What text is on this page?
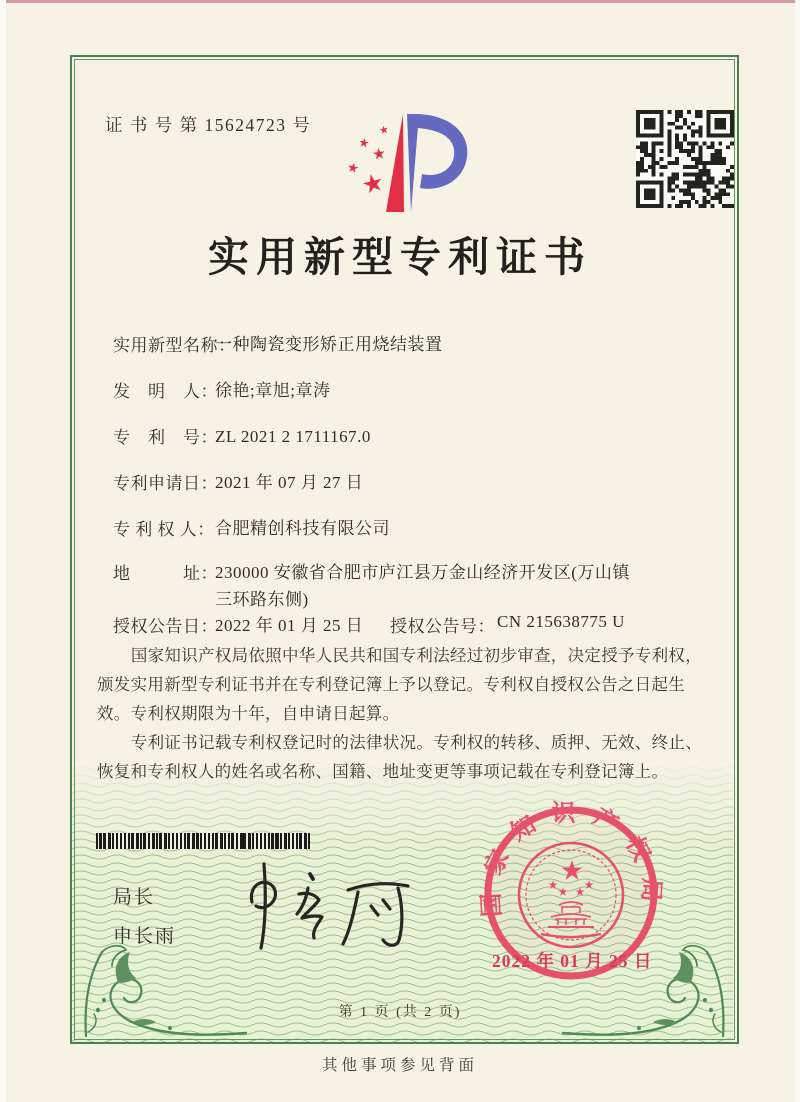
证 书 号 第 15624723 号
实用新型专利证书
实用新型名称：
一种陶瓷变形矫正用烧结装置
发　明　人：
徐艳;章旭;章涛
专　利　号：
ZL 2021 2 1711167.0
专利申请日：
2021 年 07 月 27 日
专 利 权 人： 合肥精创科技有限公司
地　　　址：
230000 安徽省合肥市庐江县万金山经济开发区(万山镇三环路东侧)
授权公告日：
2022 年 01 月 25 日 授权公告号： CN 215638775 U

国家知识产权局依照中华人民共和国专利法经过初步审查，决定授予专利权，颁发实用新型专利证书并在专利登记簿上予以登记。专利权自授权公告之日起生效。专利权期限为十年，自申请日起算。

专利证书记载专利权登记时的法律状况。专利权的转移、质押、无效、终止、恢复和专利权人的姓名或名称、国籍、地址变更等事项记载在专利登记簿上。

局长
申长雨
国家知识产权局
2022 年 01 月 25 日
第 1 页 (共 2 页)
其他事项参见背面
